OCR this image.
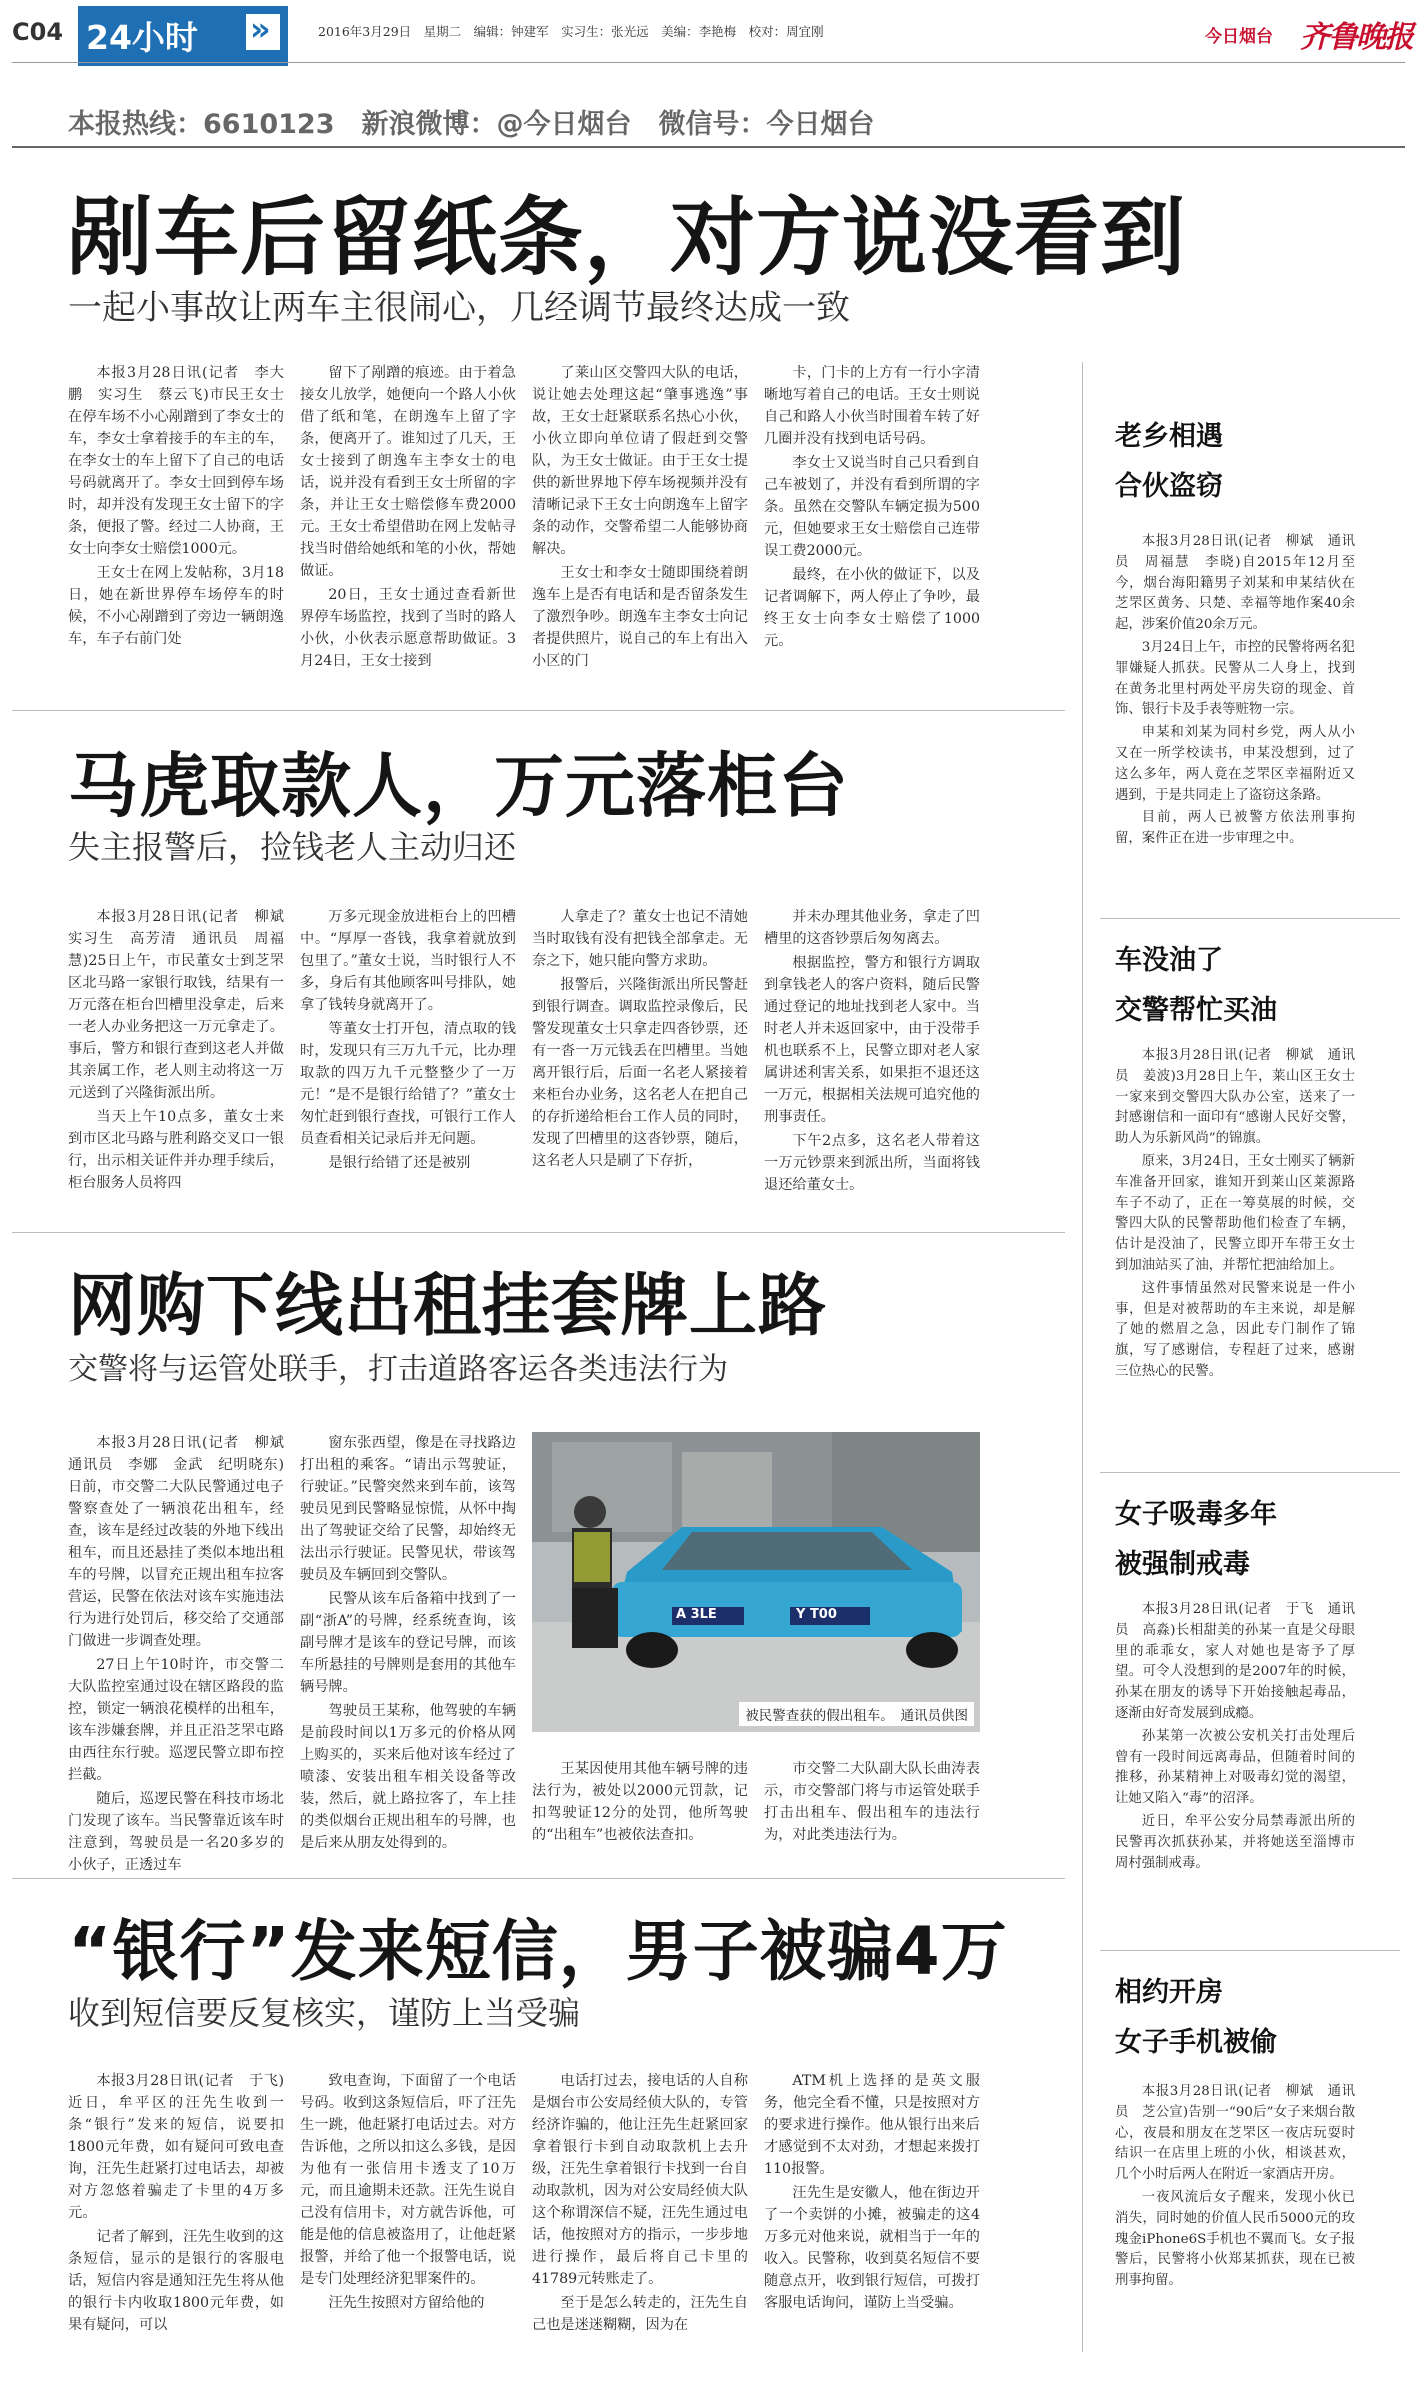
C04 24小时 »	2016年3月29日　星期二　编辑：钟建军　实习生：张光远　美编：李艳梅　校对：周宜刚	今日烟台 齐鲁晚报
本报热线：6610123　新浪微博：@今日烟台　微信号：今日烟台
剐车后留纸条，对方说没看到
一起小事故让两车主很闹心，几经调节最终达成一致

本报3月28日讯(记者　李大鹏　实习生　蔡云飞)市民王女士在停车场不小心剐蹭到了李女士的车，李女士拿着接手的车主的车，在李女士的车上留下了自己的电话号码就离开了。李女士回到停车场时，却并没有发现王女士留下的字条，便报了警。经过二人协商，王女士向李女士赔偿1000元。

王女士在网上发帖称，3月18日，她在新世界停车场停车的时候，不小心剐蹭到了旁边一辆朗逸车，车子右前门处

留下了剐蹭的痕迹。由于着急接女儿放学，她便向一个路人小伙借了纸和笔，在朗逸车上留了字条，便离开了。谁知过了几天，王女士接到了朗逸车主李女士的电话，说并没有看到王女士所留的字条，并让王女士赔偿修车费2000元。王女士希望借助在网上发帖寻找当时借给她纸和笔的小伙，帮她做证。

20日，王女士通过查看新世界停车场监控，找到了当时的路人小伙，小伙表示愿意帮助做证。3月24日，王女士接到

了莱山区交警四大队的电话，说让她去处理这起“肇事逃逸”事故，王女士赶紧联系名热心小伙，小伙立即向单位请了假赶到交警队，为王女士做证。由于王女士提供的新世界地下停车场视频并没有清晰记录下王女士向朗逸车上留字条的动作，交警希望二人能够协商解决。

王女士和李女士随即围绕着朗逸车上是否有电话和是否留条发生了激烈争吵。朗逸车主李女士向记者提供照片，说自己的车上有出入小区的门

卡，门卡的上方有一行小字清晰地写着自己的电话。王女士则说自己和路人小伙当时围着车转了好几圈并没有找到电话号码。

李女士又说当时自己只看到自己车被划了，并没有看到所谓的字条。虽然在交警队车辆定损为500元，但她要求王女士赔偿自己连带误工费2000元。

最终，在小伙的做证下，以及记者调解下，两人停止了争吵，最终王女士向李女士赔偿了1000元。

马虎取款人，万元落柜台
失主报警后，捡钱老人主动归还

本报3月28日讯(记者　柳斌　实习生　高芳清　通讯员　周福慧)25日上午，市民董女士到芝罘区北马路一家银行取钱，结果有一万元落在柜台凹槽里没拿走，后来一老人办业务把这一万元拿走了。事后，警方和银行查到这老人并做其亲属工作，老人则主动将这一万元送到了兴隆街派出所。

当天上午10点多，董女士来到市区北马路与胜利路交叉口一银行，出示相关证件并办理手续后，柜台服务人员将四

万多元现金放进柜台上的凹槽中。“厚厚一沓钱，我拿着就放到包里了。”董女士说，当时银行人不多，身后有其他顾客叫号排队，她拿了钱转身就离开了。

等董女士打开包，清点取的钱时，发现只有三万九千元，比办理取款的四万九千元整整少了一万元！“是不是银行给错了？”董女士匆忙赶到银行查找，可银行工作人员查看相关记录后并无问题。

是银行给错了还是被别

人拿走了？董女士也记不清她当时取钱有没有把钱全部拿走。无奈之下，她只能向警方求助。

报警后，兴隆街派出所民警赶到银行调查。调取监控录像后，民警发现董女士只拿走四沓钞票，还有一沓一万元钱丢在凹槽里。当她离开银行后，后面一名老人紧接着来柜台办业务，这名老人在把自己的存折递给柜台工作人员的同时，发现了凹槽里的这沓钞票，随后，这名老人只是刷了下存折，

并未办理其他业务，拿走了凹槽里的这沓钞票后匆匆离去。

根据监控，警方和银行方调取到拿钱老人的客户资料，随后民警通过登记的地址找到老人家中。当时老人并未返回家中，由于没带手机也联系不上，民警立即对老人家属讲述利害关系，如果拒不退还这一万元，根据相关法规可追究他的刑事责任。

下午2点多，这名老人带着这一万元钞票来到派出所，当面将钱退还给董女士。

网购下线出租挂套牌上路
交警将与运管处联手，打击道路客运各类违法行为

本报3月28日讯(记者　柳斌　通讯员　李娜　金武　纪明晓东)日前，市交警二大队民警通过电子警察查处了一辆浪花出租车，经查，该车是经过改装的外地下线出租车，而且还悬挂了类似本地出租车的号牌，以冒充正规出租车拉客营运，民警在依法对该车实施违法行为进行处罚后，移交给了交通部门做进一步调查处理。

27日上午10时许，市交警二大队监控室通过设在辖区路段的监控，锁定一辆浪花模样的出租车，该车涉嫌套牌，并且正沿芝罘屯路由西往东行驶。巡逻民警立即布控拦截。

随后，巡逻民警在科技市场北门发现了该车。当民警靠近该车时注意到，驾驶员是一名20多岁的小伙子，正透过车

窗东张西望，像是在寻找路边打出租的乘客。“请出示驾驶证，行驶证。”民警突然来到车前，该驾驶员见到民警略显惊慌，从怀中掏出了驾驶证交给了民警，却始终无法出示行驶证。民警见状，带该驾驶员及车辆回到交警队。

民警从该车后备箱中找到了一副“浙A”的号牌，经系统查询，该副号牌才是该车的登记号牌，而该车所悬挂的号牌则是套用的其他车辆号牌。

驾驶员王某称，他驾驶的车辆是前段时间以1万多元的价格从网上购买的，买来后他对该车经过了喷漆、安装出租车相关设备等改装，然后，就上路拉客了，车上挂的类似烟台正规出租车的号牌，也是后来从朋友处得到的。

A 3LE	Y T00
被民警查获的假出租车。　通讯员供图

王某因使用其他车辆号牌的违法行为，被处以2000元罚款，记扣驾驶证12分的处罚，他所驾驶的“出租车”也被依法查扣。

市交警二大队副大队长曲涛表示，市交警部门将与市运管处联手打击出租车、假出租车的违法行为，对此类违法行为。

“银行”发来短信，男子被骗4万
收到短信要反复核实，谨防上当受骗

本报3月28日讯(记者　于飞)近日，牟平区的汪先生收到一条“银行”发来的短信，说要扣1800元年费，如有疑问可致电查询，汪先生赶紧打过电话去，却被对方忽悠着骗走了卡里的4万多元。

记者了解到，汪先生收到的这条短信，显示的是银行的客服电话，短信内容是通知汪先生将从他的银行卡内收取1800元年费，如果有疑问，可以

致电查询，下面留了一个电话号码。收到这条短信后，吓了汪先生一跳，他赶紧打电话过去。对方告诉他，之所以扣这么多钱，是因为他有一张信用卡透支了10万元，而且逾期未还款。汪先生说自己没有信用卡，对方就告诉他，可能是他的信息被盗用了，让他赶紧报警，并给了他一个报警电话，说是专门处理经济犯罪案件的。

汪先生按照对方留给他的

电话打过去，接电话的人自称是烟台市公安局经侦大队的，专管经济诈骗的，他让汪先生赶紧回家拿着银行卡到自动取款机上去升级，汪先生拿着银行卡找到一台自动取款机，因为对公安局经侦大队这个称谓深信不疑，汪先生通过电话，他按照对方的指示，一步步地进行操作，最后将自己卡里的41789元转账走了。

至于是怎么转走的，汪先生自己也是迷迷糊糊，因为在

ATM机上选择的是英文服务，他完全看不懂，只是按照对方的要求进行操作。他从银行出来后才感觉到不太对劲，才想起来拨打110报警。

汪先生是安徽人，他在街边开了一个卖饼的小摊，被骗走的这4万多元对他来说，就相当于一年的收入。民警称，收到莫名短信不要随意点开，收到银行短信，可拨打客服电话询问，谨防上当受骗。

老乡相遇
合伙盗窃

本报3月28日讯(记者　柳斌　通讯员　周福慧　李晓)自2015年12月至今，烟台海阳籍男子刘某和申某结伙在芝罘区黄务、只楚、幸福等地作案40余起，涉案价值20余万元。

3月24日上午，市控的民警将两名犯罪嫌疑人抓获。民警从二人身上，找到在黄务北里村两处平房失窃的现金、首饰、银行卡及手表等赃物一宗。

申某和刘某为同村乡党，两人从小又在一所学校读书，申某没想到，过了这么多年，两人竟在芝罘区幸福附近又遇到，于是共同走上了盗窃这条路。

目前，两人已被警方依法刑事拘留，案件正在进一步审理之中。

车没油了
交警帮忙买油

本报3月28日讯(记者　柳斌　通讯员　姜波)3月28日上午，莱山区王女士一家来到交警四大队办公室，送来了一封感谢信和一面印有“感谢人民好交警，助人为乐新风尚”的锦旗。

原来，3月24日，王女士刚买了辆新车准备开回家，谁知开到莱山区莱源路车子不动了，正在一筹莫展的时候，交警四大队的民警帮助他们检查了车辆，估计是没油了，民警立即开车带王女士到加油站买了油，并帮忙把油给加上。

这件事情虽然对民警来说是一件小事，但是对被帮助的车主来说，却是解了她的燃眉之急，因此专门制作了锦旗，写了感谢信，专程赶了过来，感谢三位热心的民警。

女子吸毒多年
被强制戒毒

本报3月28日讯(记者　于飞　通讯员　高淼)长相甜美的孙某一直是父母眼里的乖乖女，家人对她也是寄予了厚望。可令人没想到的是2007年的时候，孙某在朋友的诱导下开始接触起毒品，逐渐由好奇发展到成瘾。

孙某第一次被公安机关打击处理后曾有一段时间远离毒品，但随着时间的推移，孙某精神上对吸毒幻觉的渴望，让她又陷入“毒”的沼泽。

近日，牟平公安分局禁毒派出所的民警再次抓获孙某，并将她送至淄博市周村强制戒毒。

相约开房
女子手机被偷

本报3月28日讯(记者　柳斌　通讯员　芝公宣)告别一“90后”女子来烟台散心，夜晨和朋友在芝罘区一夜店玩耍时结识一在店里上班的小伙，相谈甚欢，几个小时后两人在附近一家酒店开房。

一夜风流后女子醒来，发现小伙已消失，同时她的价值人民币5000元的玫瑰金iPhone6S手机也不翼而飞。女子报警后，民警将小伙郑某抓获，现在已被刑事拘留。
